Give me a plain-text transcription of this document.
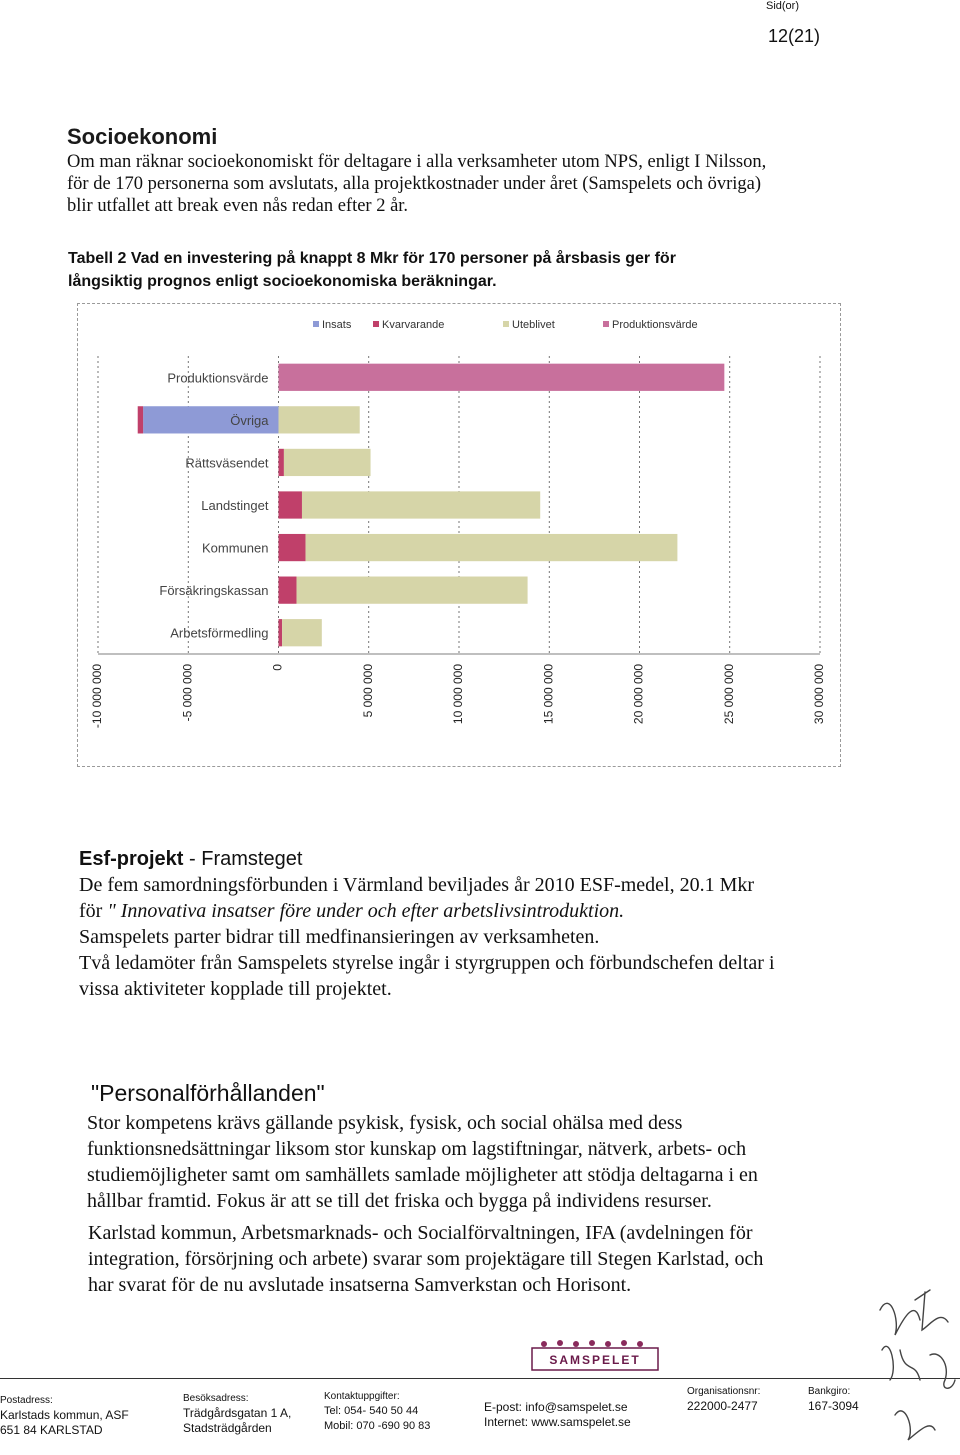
Sid(or)
12(21)
Socioekonomi
Om man räknar socioekonomiskt för deltagare i alla verksamheter utom NPS, enligt I Nilsson,
för de 170 personerna som avslutats, alla projektkostnader under året (Samspelets och övriga)
blir utfallet att break even nås redan efter 2 år.
Tabell 2 Vad en investering på knappt 8 Mkr för 170 personer på årsbasis ger för
långsiktig prognos enligt socioekonomiska beräkningar.
Insats	Kvarvarande	Uteblivet	Produktionsvärde
-10 000 000	-5 000 000	0	5 000 000	10 000 000	15 000 000	20 000 000	25 000 000	30 000 000
Produktionsvärde
Övriga
Rättsväsendet
Landstinget
Kommunen
Försäkringskassan
Arbetsförmedling
Esf-projekt - Framsteget
De fem samordningsförbunden i Värmland beviljades år 2010 ESF-medel, 20.1 Mkr
för " Innovativa insatser före under och efter arbetslivsintroduktion.
Samspelets parter bidrar till medfinansieringen av verksamheten.
Två ledamöter från Samspelets styrelse ingår i styrgruppen och förbundschefen deltar i
vissa aktiviteter kopplade till projektet.
"Personalförhållanden"
Stor kompetens krävs gällande psykisk, fysisk, och social ohälsa med dess
funktionsnedsättningar liksom stor kunskap om lagstiftningar, nätverk, arbets- och
studiemöjligheter samt om samhällets samlade möjligheter att stödja deltagarna i en
hållbar framtid. Fokus är att se till det friska och bygga på individens resurser.
Karlstad kommun, Arbetsmarknads- och Socialförvaltningen, IFA (avdelningen för
integration, försörjning och arbete) svarar som projektägare till Stegen Karlstad, och
har svarat för de nu avslutade insatserna Samverkstan och Horisont.
SAMSPELET
Postadress:
Karlstads kommun, ASF
651 84 KARLSTAD
Besöksadress:
Trädgårdsgatan 1 A,
Stadsträdgården
Kontaktuppgifter:
Tel: 054- 540 50 44
Mobil: 070 -690 90 83
E-post: info@samspelet.se
Internet: www.samspelet.se
Organisationsnr:
222000-2477
Bankgiro:
167-3094
